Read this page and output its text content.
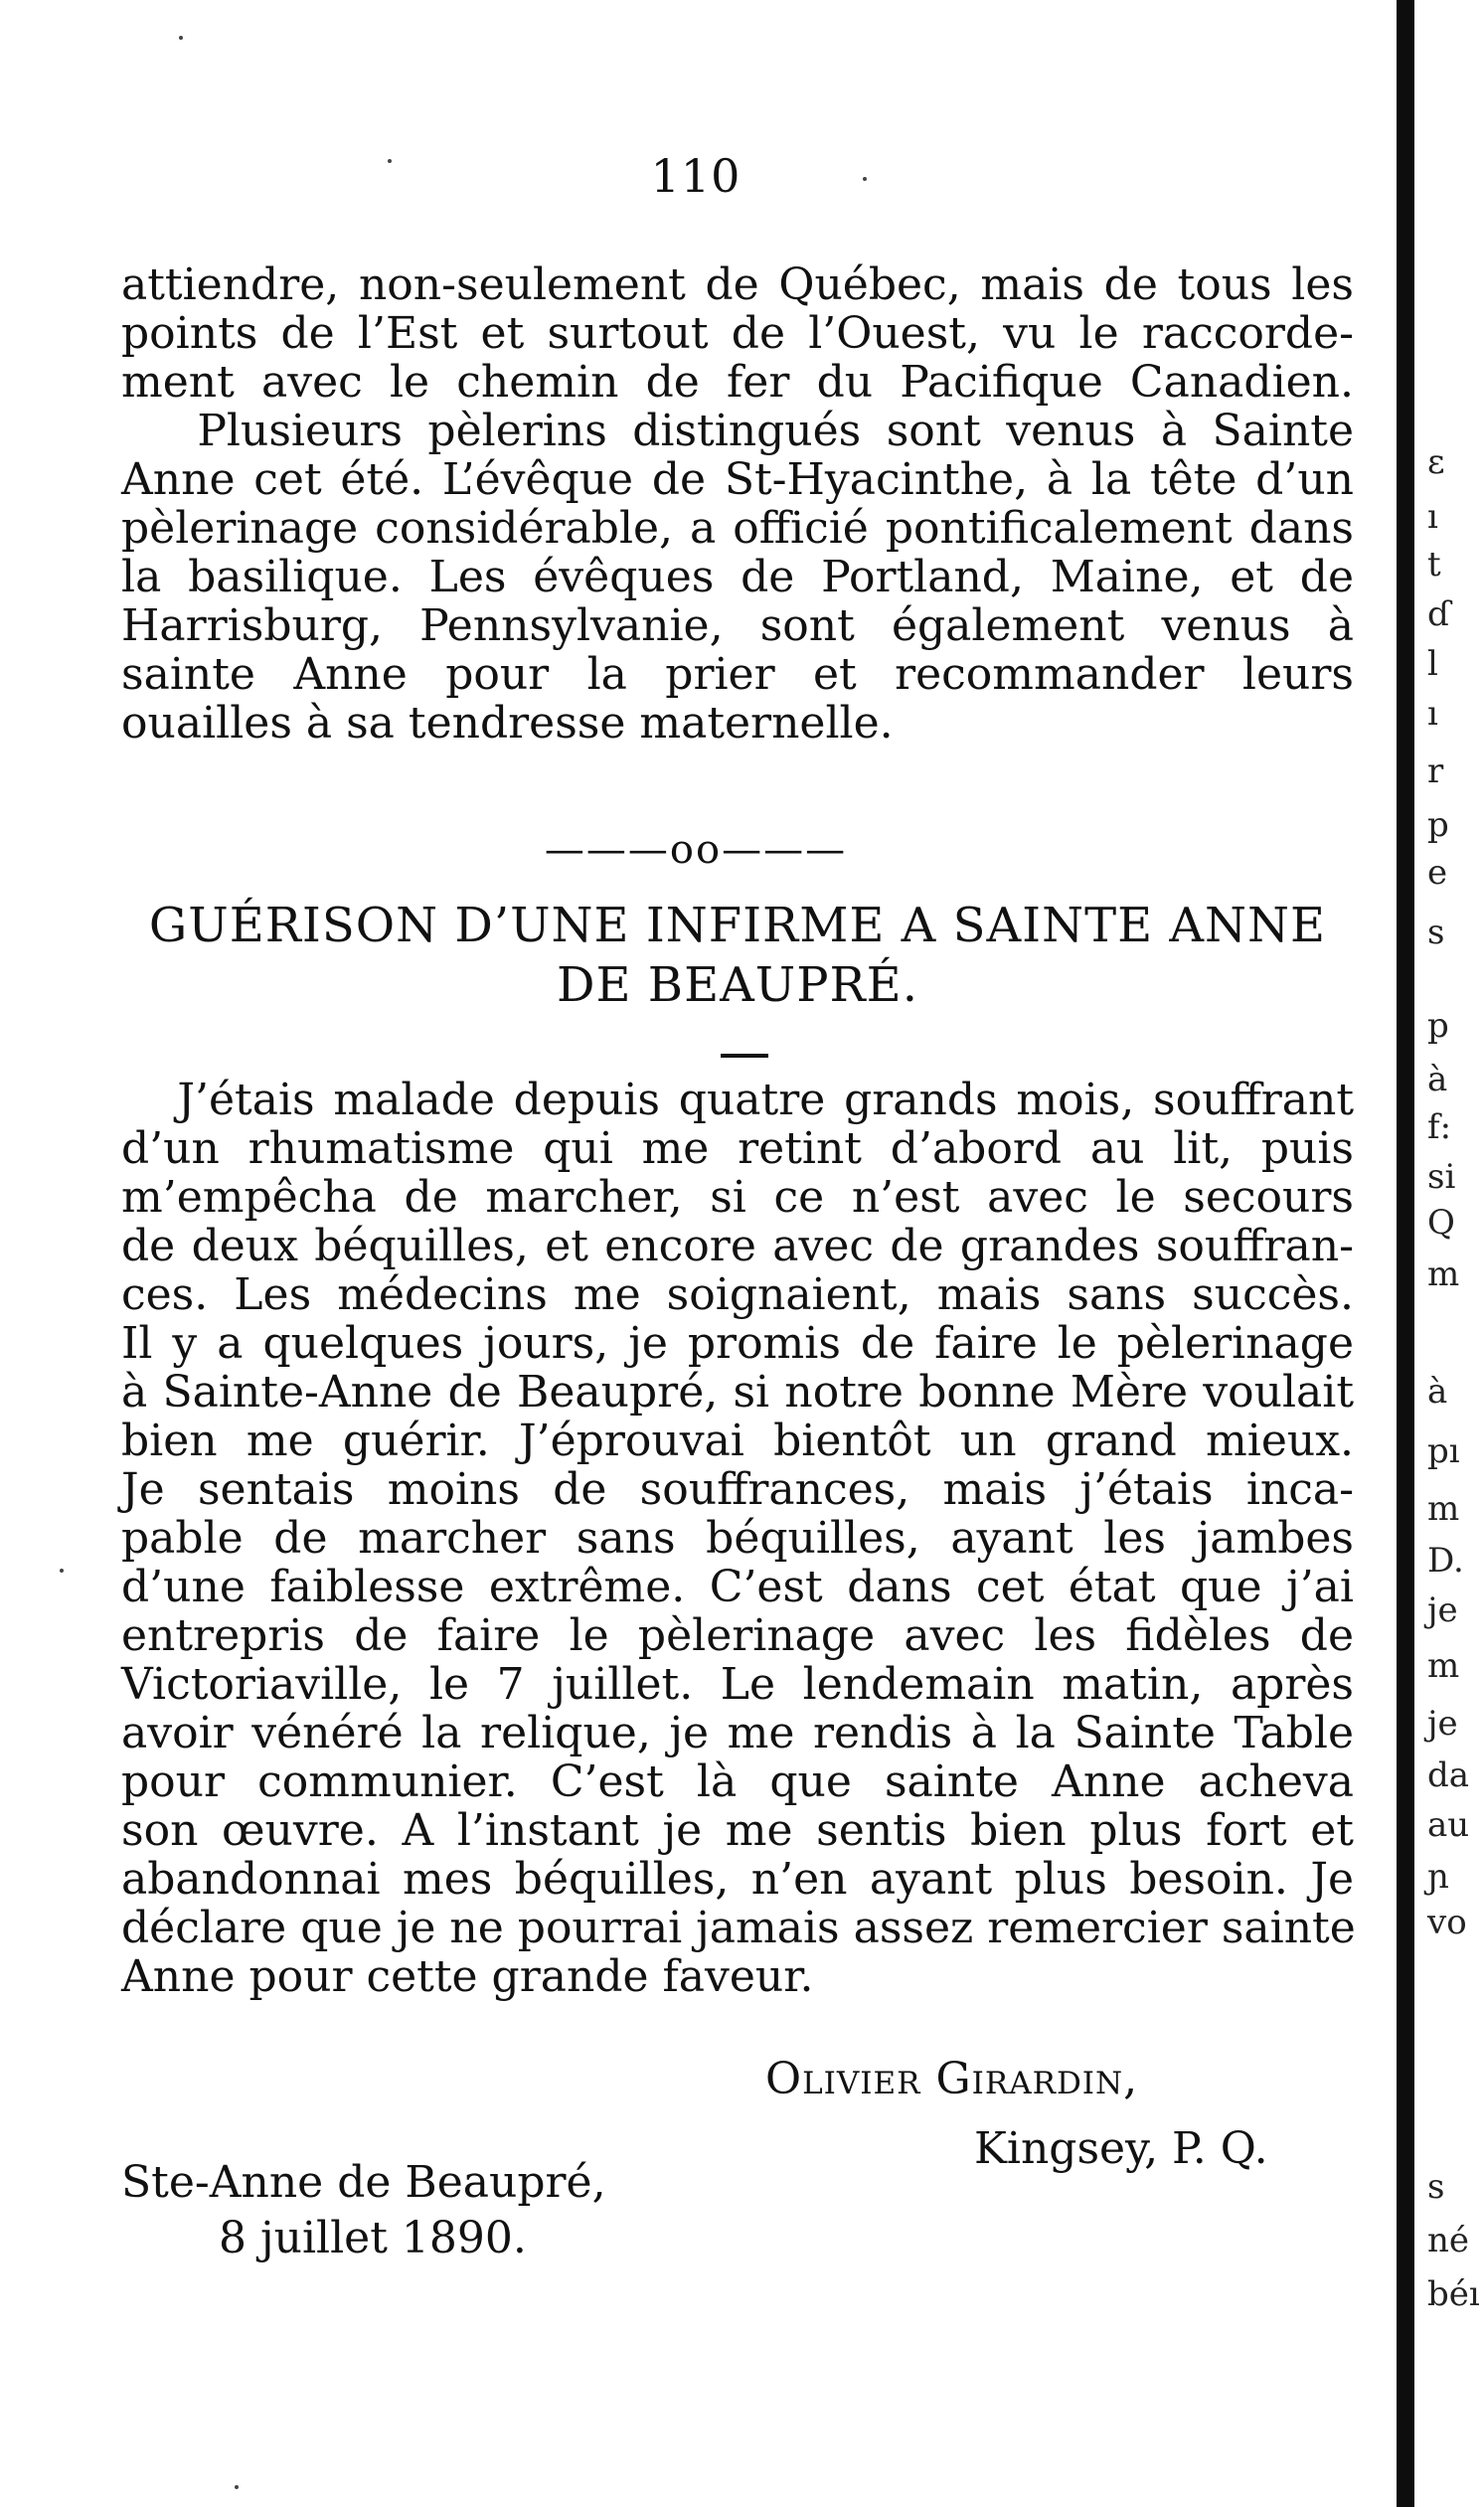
110
attiendre, non-seulement de Québec, mais de tous les
points de l’Est et surtout de l’Ouest, vu le raccorde-
ment avec le chemin de fer du Pacifique Canadien.
Plusieurs pèlerins distingués sont venus à Sainte
Anne cet été. L’évêque de St-Hyacinthe, à la tête d’un
pèlerinage considérable, a officié pontificalement dans
la basilique. Les évêques de Portland, Maine, et de
Harrisburg, Pennsylvanie, sont également venus à
sainte Anne pour la prier et recommander leurs
ouailles à sa tendresse maternelle.
———oo———
GUÉRISON D’UNE INFIRME A SAINTE ANNE
DE BEAUPRÉ.
J’étais malade depuis quatre grands mois, souffrant
d’un rhumatisme qui me retint d’abord au lit, puis
m’empêcha de marcher, si ce n’est avec le secours
de deux béquilles, et encore avec de grandes souffran-
ces. Les médecins me soignaient, mais sans succès.
Il y a quelques jours, je promis de faire le pèlerinage
à Sainte-Anne de Beaupré, si notre bonne Mère voulait
bien me guérir. J’éprouvai bientôt un grand mieux.
Je sentais moins de souffrances, mais j’étais inca-
pable de marcher sans béquilles, ayant les jambes
d’une faiblesse extrême. C’est dans cet état que j’ai
entrepris de faire le pèlerinage avec les fidèles de
Victoriaville, le 7 juillet. Le lendemain matin, après
avoir vénéré la relique, je me rendis à la Sainte Table
pour communier. C’est là que sainte Anne acheva
son œuvre. A l’instant je me sentis bien plus fort et
abandonnai mes béquilles, n’en ayant plus besoin. Je
déclare que je ne pourrai jamais assez remercier sainte
Anne pour cette grande faveur.
Olivier Girardin,
Kingsey, P. Q.
Ste-Anne de Beaupré,
8 juillet 1890.
ɛ
ı
t
ɗ
l
ı
r
p
e
s
p
à
f:
si
Q
m
à
pı
m
D.
je
m
je
da
au
ɲ
vo
s
né
béı
